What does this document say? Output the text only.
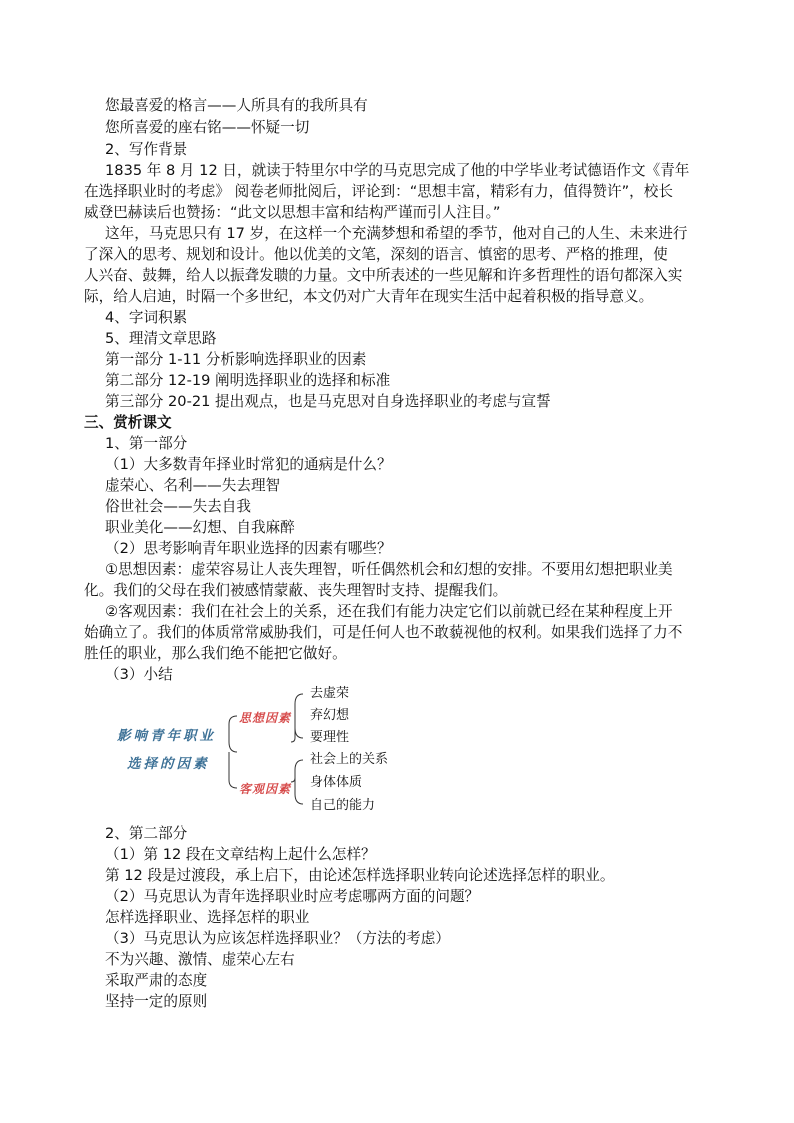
您最喜爱的格言——人所具有的我所具有
您所喜爱的座右铭——怀疑一切
2、写作背景
1835 年 8 月 12 日，就读于特里尔中学的马克思完成了他的中学毕业考试德语作文《青年
在选择职业时的考虑》 阅卷老师批阅后，评论到：“思想丰富，精彩有力，值得赞许”，校长
威登巴赫读后也赞扬：“此文以思想丰富和结构严谨而引人注目。”
这年，马克思只有 17 岁，在这样一个充满梦想和希望的季节，他对自己的人生、未来进行
了深入的思考、规划和设计。他以优美的文笔，深刻的语言、慎密的思考、严格的推理，使
人兴奋、鼓舞，给人以振聋发聩的力量。文中所表述的一些见解和许多哲理性的语句都深入实
际，给人启迪，时隔一个多世纪，本文仍对广大青年在现实生活中起着积极的指导意义。
4、字词积累
5、理清文章思路
第一部分 1-11 分析影响选择职业的因素
第二部分 12-19 阐明选择职业的选择和标准
第三部分 20-21 提出观点，也是马克思对自身选择职业的考虑与宣誓
三、赏析课文
1、第一部分
（1）大多数青年择业时常犯的通病是什么？
虚荣心、名利——失去理智
俗世社会——失去自我
职业美化——幻想、自我麻醉
（2）思考影响青年职业选择的因素有哪些？
①思想因素：虚荣容易让人丧失理智，听任偶然机会和幻想的安排。不要用幻想把职业美
化。我们的父母在我们被感情蒙蔽、丧失理智时支持、提醒我们。
②客观因素：我们在社会上的关系，还在我们有能力决定它们以前就已经在某种程度上开
始确立了。我们的体质常常威胁我们，可是任何人也不敢藐视他的权利。如果我们选择了力不
胜任的职业，那么我们绝不能把它做好。
（3）小结
影响青年职业
选择的因素
思想因素
客观因素
去虚荣
弃幻想
要理性
社会上的关系
身体体质
自己的能力
2、第二部分
（1）第 12 段在文章结构上起什么怎样？
第 12 段是过渡段，承上启下，由论述怎样选择职业转向论述选择怎样的职业。
（2）马克思认为青年选择职业时应考虑哪两方面的问题？
怎样选择职业、选择怎样的职业
（3）马克思认为应该怎样选择职业？（方法的考虑）
不为兴趣、激情、虚荣心左右
采取严肃的态度
坚持一定的原则
